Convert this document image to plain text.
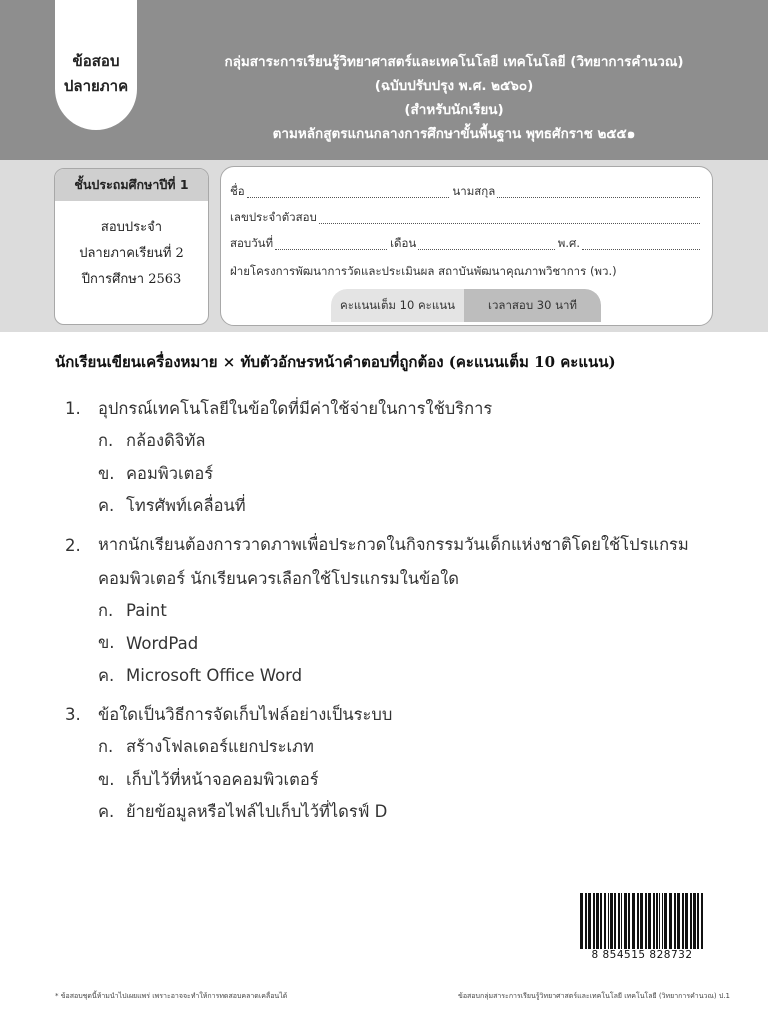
ข้อสอบ
ปลายภาค
กลุ่มสาระการเรียนรู้วิทยาศาสตร์และเทคโนโลยี เทคโนโลยี (วิทยาการคำนวณ)
(ฉบับปรับปรุง พ.ศ. ๒๕๖๐)
(สำหรับนักเรียน)
ตามหลักสูตรแกนกลางการศึกษาขั้นพื้นฐาน พุทธศักราช ๒๕๕๑
ชั้นประถมศึกษาปีที่ 1
สอบประจำ
ปลายภาคเรียนที่ 2
ปีการศึกษา 2563
ชื่อ	นามสกุล
เลขประจำตัวสอบ
สอบวันที่	เดือน	พ.ศ.
ฝ่ายโครงการพัฒนาการวัดและประเมินผล สถาบันพัฒนาคุณภาพวิชาการ (พว.)
คะแนนเต็ม 10 คะแนน	เวลาสอบ 30 นาที
นักเรียนเขียนเครื่องหมาย × ทับตัวอักษรหน้าคำตอบที่ถูกต้อง (คะแนนเต็ม 10 คะแนน)
1.	อุปกรณ์เทคโนโลยีในข้อใดที่มีค่าใช้จ่ายในการใช้บริการ
ก. กล้องดิจิทัล
ข. คอมพิวเตอร์
ค. โทรศัพท์เคลื่อนที่
2.	หากนักเรียนต้องการวาดภาพเพื่อประกวดในกิจกรรมวันเด็กแห่งชาติโดยใช้โปรแกรม
คอมพิวเตอร์ นักเรียนควรเลือกใช้โปรแกรมในข้อใด
ก. Paint
ข. WordPad
ค. Microsoft Office Word
3.	ข้อใดเป็นวิธีการจัดเก็บไฟล์อย่างเป็นระบบ
ก. สร้างโฟลเดอร์แยกประเภท
ข. เก็บไว้ที่หน้าจอคอมพิวเตอร์
ค. ย้ายข้อมูลหรือไฟล์ไปเก็บไว้ที่ไดรฟ์ D
8 854515 828732
* ข้อสอบชุดนี้ห้ามนำไปเผยแพร่ เพราะอาจจะทำให้การทดสอบคลาดเคลื่อนได้	ข้อสอบกลุ่มสาระการเรียนรู้วิทยาศาสตร์และเทคโนโลยี เทคโนโลยี (วิทยาการคำนวณ) ป.1
